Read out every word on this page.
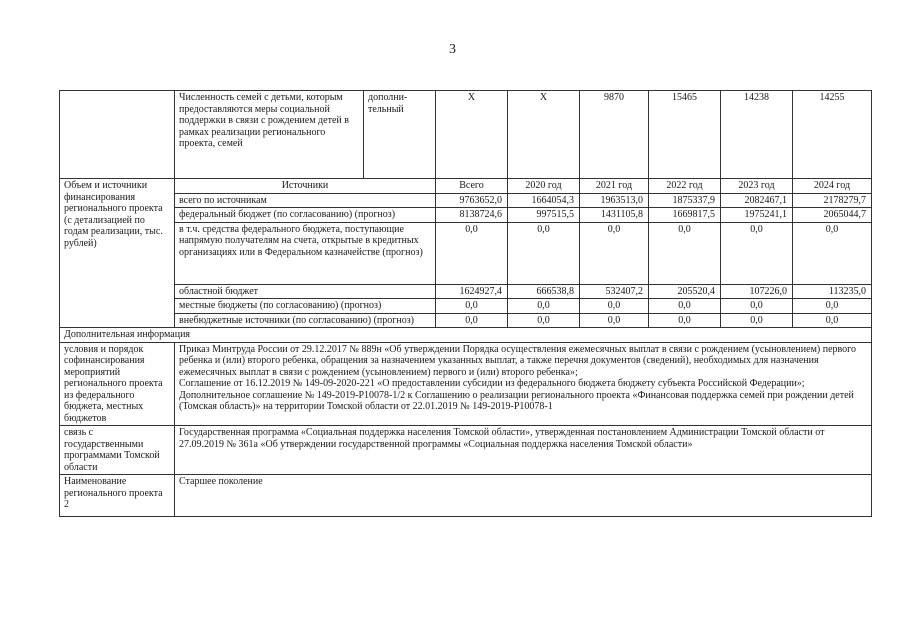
3
	Численность семей с детьми, которым предоставляются меры социальной поддержки в связи с рождением детей в рамках реализации регионального проекта, семей	дополни-тельный	Х	Х	9870	15465	14238	14255
Объем и источники финансирования регионального проекта (с детализацией по годам реализации, тыс. рублей)	Источники		Всего	2020 год	2021 год	2022 год	2023 год	2024 год
	всего по источникам		9763652,0	1664054,3	1963513,0	1875337,9	2082467,1	2178279,7
	федеральный бюджет (по согласованию) (прогноз)		8138724,6	997515,5	1431105,8	1669817,5	1975241,1	2065044,7
	в т.ч. средства федерального бюджета, поступающие напрямую получателям на счета, открытые в кредитных организациях или в Федеральном казначействе (прогноз)		0,0	0,0	0,0	0,0	0,0	0,0
	областной бюджет		1624927,4	666538,8	532407,2	205520,4	107226,0	113235,0
	местные бюджеты (по согласованию) (прогноз)		0,0	0,0	0,0	0,0	0,0	0,0
	внебюджетные источники (по согласованию) (прогноз)		0,0	0,0	0,0	0,0	0,0	0,0
Дополнительная информация								
условия и порядок софинансирования мероприятий регионального проекта из федерального бюджета, местных бюджетов	Приказ Минтруда России от 29.12.2017 № 889н «Об утверждении Порядка осуществления ежемесячных выплат в связи с рождением (усыновлением) первого ребенка и (или) второго ребенка, обращения за назначением указанных выплат, а также перечня документов (сведений), необходимых для назначения ежемесячных выплат в связи с рождением (усыновлением) первого и (или) второго ребенка»;
Соглашение от 16.12.2019 № 149-09-2020-221 «О предоставлении субсидии из федерального бюджета бюджету субъекта Российской Федерации»;
Дополнительное соглашение № 149-2019-Р10078-1/2 к Соглашению о реализации регионального проекта «Финансовая поддержка семей при рождении детей (Томская область)» на территории Томской области от 22.01.2019 № 149-2019-Р10078-1							

связь с государственными программами Томской области	Государственная программа «Социальная поддержка населения Томской области», утвержденная постановлением Администрации Томской области от 27.09.2019 № 361а «Об утверждении государственной программы «Социальная поддержка населения Томской области»							
Наименование регионального проекта 2	Старшее поколение							
